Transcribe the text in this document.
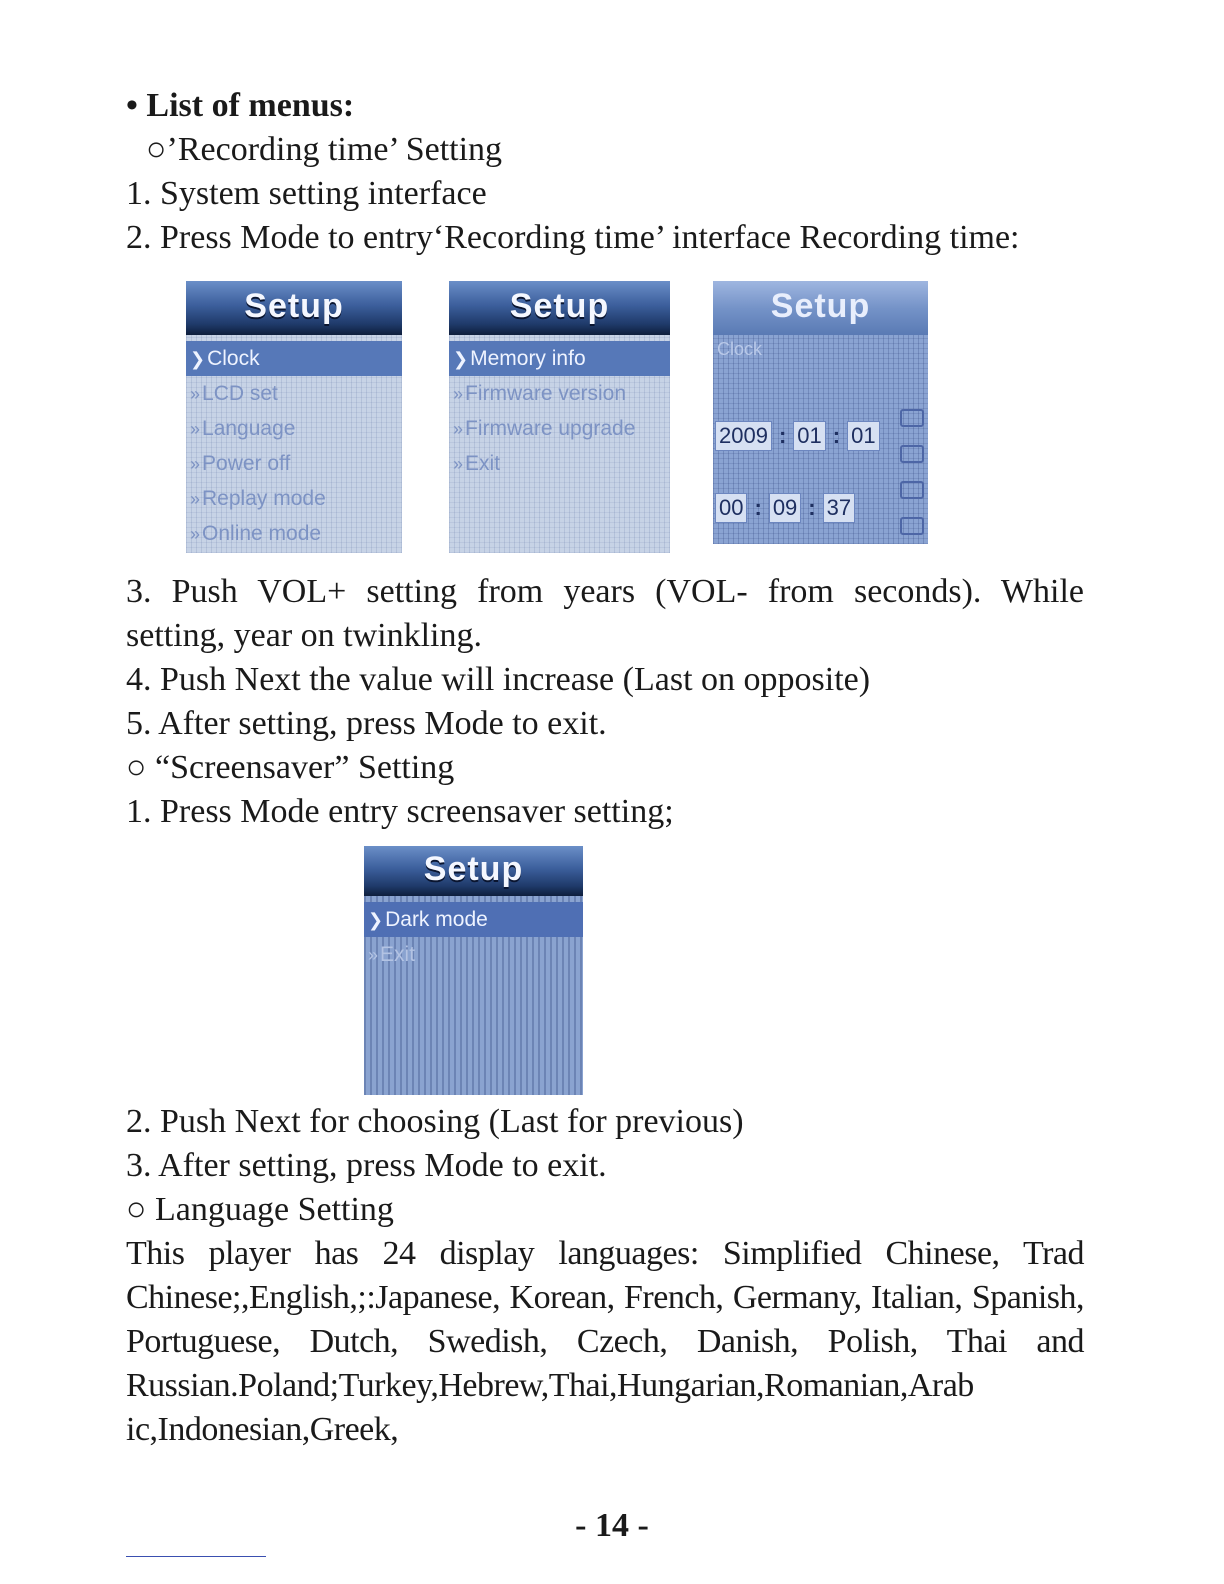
• List of menus:
○’Recording time’ Setting
1. System setting interface
2. Press Mode to entry‘Recording time’ interface Recording time:
Setup
❯Clock
»LCD set
»Language
»Power off
»Replay mode
»Online mode
Setup
❯Memory info
»Firmware version
»Firmware upgrade
»Exit
Setup
Clock
2009 : 01 : 01
00 : 09 : 37
3. Push VOL+ setting from years (VOL- from seconds). While setting, year on twinkling.
4. Push Next the value will increase (Last on opposite)
5. After setting, press Mode to exit.
○ “Screensaver” Setting
1. Press Mode entry screensaver setting;
Setup
❯Dark mode
»Exit
2. Push Next for choosing (Last for previous)
3. After setting, press Mode to exit.
○ Language Setting
This player has 24 display languages: Simplified Chinese, Trad Chinese;,English,;:Japanese, Korean, French, Germany, Italian, Spanish, Portuguese, Dutch, Swedish, Czech, Danish, Polish, Thai and Russian.Poland;Turkey,Hebrew,Thai,Hungarian,Romanian,Arab ic,Indonesian,Greek,
- 14 -
